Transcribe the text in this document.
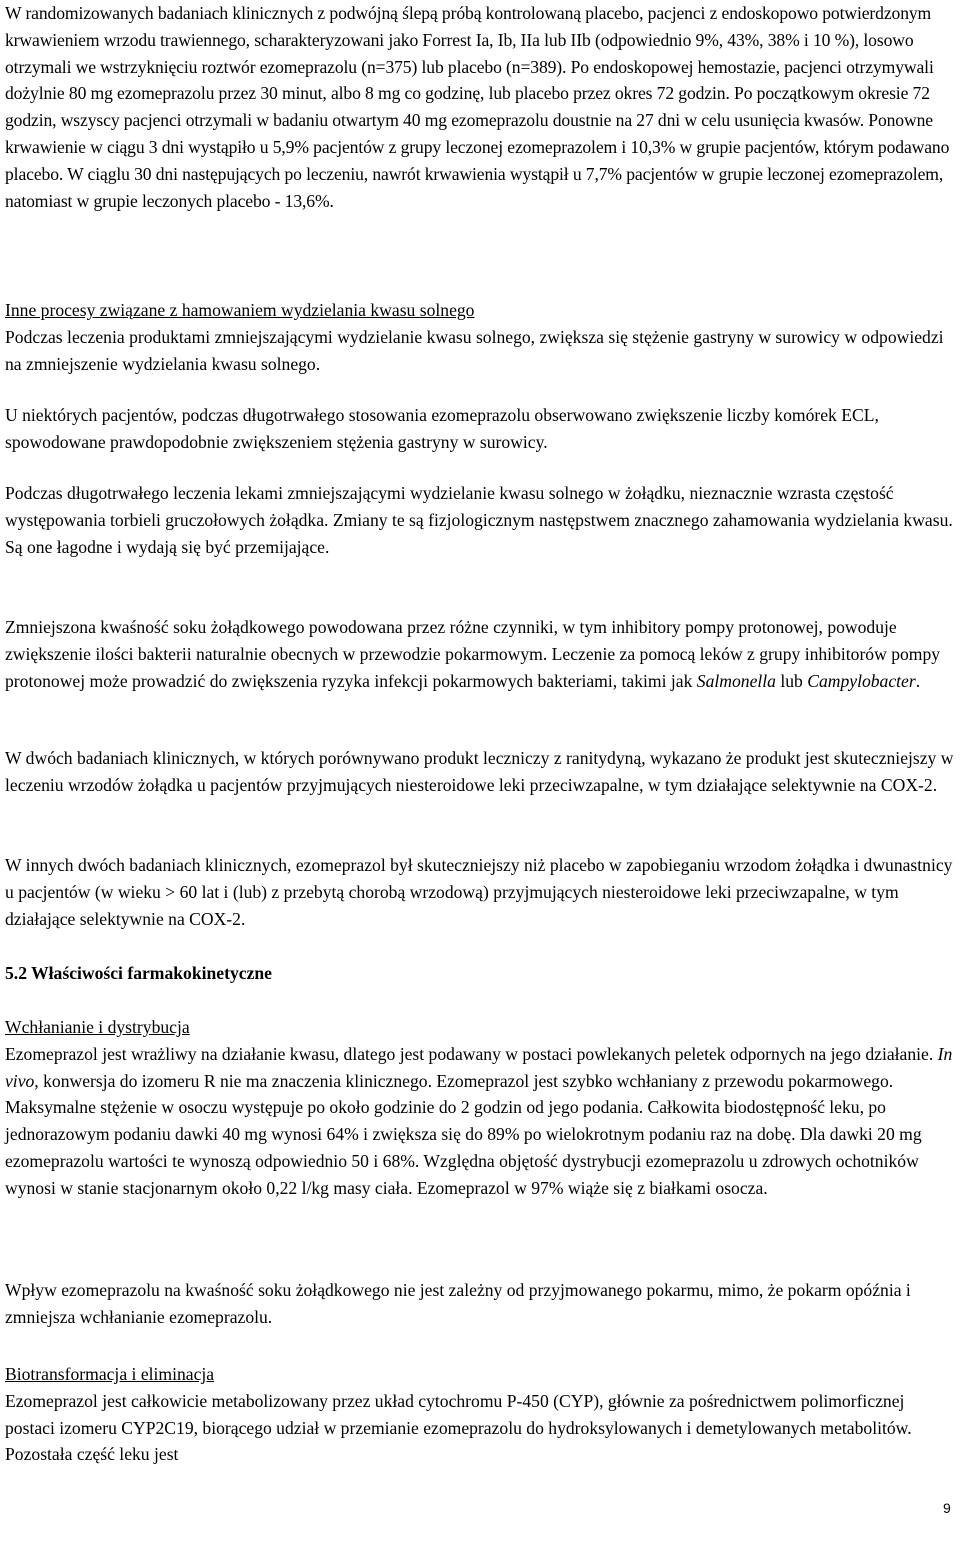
W randomizowanych badaniach klinicznych z podwójną ślepą próbą kontrolowaną placebo, pacjenci z endoskopowo potwierdzonym krwawieniem wrzodu trawiennego, scharakteryzowani jako Forrest Ia, Ib, IIa lub IIb (odpowiednio 9%, 43%, 38% i 10 %), losowo otrzymali we wstrzyknięciu roztwór ezomeprazolu (n=375) lub placebo (n=389). Po endoskopowej hemostazie, pacjenci otrzymywali dożylnie 80 mg ezomeprazolu przez 30 minut, albo 8 mg co godzinę, lub placebo przez okres 72 godzin. Po początkowym okresie 72 godzin, wszyscy pacjenci otrzymali w badaniu otwartym 40 mg ezomeprazolu doustnie na 27 dni w celu usunięcia kwasów. Ponowne krwawienie w ciągu 3 dni wystąpiło u 5,9% pacjentów z grupy leczonej ezomeprazolem i 10,3% w grupie pacjentów, którym podawano placebo. W ciąglu 30 dni następujących po leczeniu, nawrót krwawienia wystąpił u 7,7% pacjentów w grupie leczonej ezomeprazolem, natomiast w grupie leczonych placebo - 13,6%.

Inne procesy związane z hamowaniem wydzielania kwasu solnego

Podczas leczenia produktami zmniejszającymi wydzielanie kwasu solnego, zwiększa się stężenie gastryny w surowicy w odpowiedzi na zmniejszenie wydzielania kwasu solnego.

U niektórych pacjentów, podczas długotrwałego stosowania ezomeprazolu obserwowano zwiększenie liczby komórek ECL, spowodowane prawdopodobnie zwiększeniem stężenia gastryny w surowicy.

Podczas długotrwałego leczenia lekami zmniejszającymi wydzielanie kwasu solnego w żołądku, nieznacznie wzrasta częstość występowania torbieli gruczołowych żołądka. Zmiany te są fizjologicznym następstwem znacznego zahamowania wydzielania kwasu. Są one łagodne i wydają się być przemijające.

Zmniejszona kwaśność soku żołądkowego powodowana przez różne czynniki, w tym inhibitory pompy protonowej, powoduje zwiększenie ilości bakterii naturalnie obecnych w przewodzie pokarmowym. Leczenie za pomocą leków z grupy inhibitorów pompy protonowej może prowadzić do zwiększenia ryzyka infekcji pokarmowych bakteriami, takimi jak Salmonella lub Campylobacter.

W dwóch badaniach klinicznych, w których porównywano produkt leczniczy z ranitydyną, wykazano że produkt jest skuteczniejszy w leczeniu wrzodów żołądka u pacjentów przyjmujących niesteroidowe leki przeciwzapalne, w tym działające selektywnie na COX-2.

W innych dwóch badaniach klinicznych, ezomeprazol był skuteczniejszy niż placebo w zapobieganiu wrzodom żołądka i dwunastnicy u pacjentów (w wieku > 60 lat i (lub) z przebytą chorobą wrzodową) przyjmujących niesteroidowe leki przeciwzapalne, w tym działające selektywnie na COX-2.

5.2 Właściwości farmakokinetyczne

Wchłanianie i dystrybucja

Ezomeprazol jest wrażliwy na działanie kwasu, dlatego jest podawany w postaci powlekanych peletek odpornych na jego działanie. In vivo, konwersja do izomeru R nie ma znaczenia klinicznego. Ezomeprazol jest szybko wchłaniany z przewodu pokarmowego. Maksymalne stężenie w osoczu występuje po około godzinie do 2 godzin od jego podania. Całkowita biodostępność leku, po jednorazowym podaniu dawki 40 mg wynosi 64% i zwiększa się do 89% po wielokrotnym podaniu raz na dobę. Dla dawki 20 mg ezomeprazolu wartości te wynoszą odpowiednio 50 i 68%. Względna objętość dystrybucji ezomeprazolu u zdrowych ochotników wynosi w stanie stacjonarnym około 0,22 l/kg masy ciała. Ezomeprazol w 97% wiąże się z białkami osocza.

Wpływ ezomeprazolu na kwaśność soku żołądkowego nie jest zależny od przyjmowanego pokarmu, mimo, że pokarm opóźnia i zmniejsza wchłanianie ezomeprazolu.

Biotransformacja i eliminacja

Ezomeprazol jest całkowicie metabolizowany przez układ cytochromu P-450 (CYP), głównie za pośrednictwem polimorficznej postaci izomeru CYP2C19, biorącego udział w przemianie ezomeprazolu do hydroksylowanych i demetylowanych metabolitów. Pozostała część leku jest

9
